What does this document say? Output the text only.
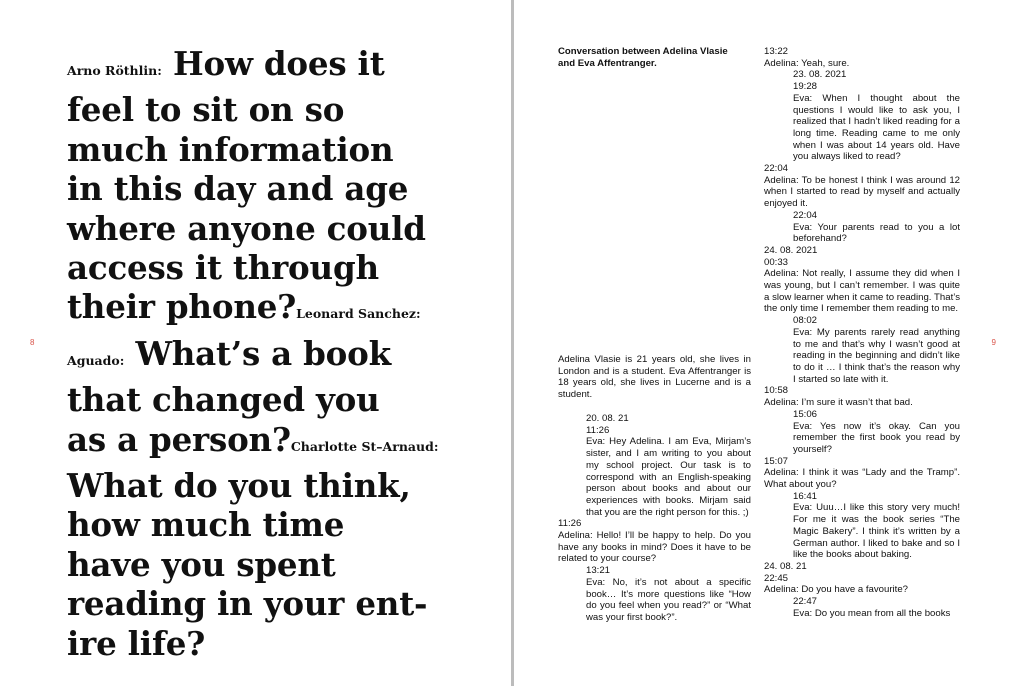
8
Arno Röthlin: How does it
feel to sit on so
much information
in this day and age
where anyone could
access it through
their phone?Leonard Sanchez:
Aguado: What’s a book
that changed you
as a person?Charlotte St–Arnaud:
What do you think,
how much time
have you spent
reading in your ent-
ire life?
9
Conversation between Adelina Vlasie
and Eva Affentranger.
Adelina Vlasie is 21 years old, she lives in London and is a student. Eva Affentranger is 18 years old, she lives in Lucerne and is a student.
20. 08. 21
11:26
Eva: Hey Adelina. I am Eva, Mirjam’s sister, and I am writing to you about my school project. Our task is to correspond with an English-speaking person about books and about our experiences with books. Mirjam said that you are the right person for this. ;)
11:26
Adelina: Hello! I’ll be happy to help. Do you have any books in mind? Does it have to be related to your course?
13:21
Eva: No, it’s not about a specific book… It’s more questions like “How do you feel when you read?” or “What was your first book?”.
13:22
Adelina: Yeah, sure.
23. 08. 2021
19:28
Eva: When I thought about the questions I would like to ask you, I realized that I hadn’t liked reading for a long time. Reading came to me only when I was about 14 years old. Have you always liked to read?
22:04
Adelina: To be honest I think I was around 12 when I started to read by myself and actually enjoyed it.
22:04
Eva: Your parents read to you a lot beforehand?
24. 08. 2021
00:33
Adelina: Not really, I assume they did when I was young, but I can’t remember. I was quite a slow learner when it came to reading. That’s the only time I remember them reading to me.
08:02
Eva: My parents rarely read anything to me and that’s why I wasn’t good at reading in the beginning and didn’t like to do it … I think that’s the reason why I started so late with it.
10:58
Adelina: I’m sure it wasn’t that bad.
15:06
Eva: Yes now it’s okay. Can you remember the first book you read by yourself?
15:07
Adelina: I think it was “Lady and the Tramp”. What about you?
16:41
Eva: Uuu…I like this story very much! For me it was the book series “The Magic Bakery”. I think it’s written by a German author. I liked to bake and so I like the books about baking.
24. 08. 21
22:45
Adelina: Do you have a favourite?
22:47
Eva: Do you mean from all the books
